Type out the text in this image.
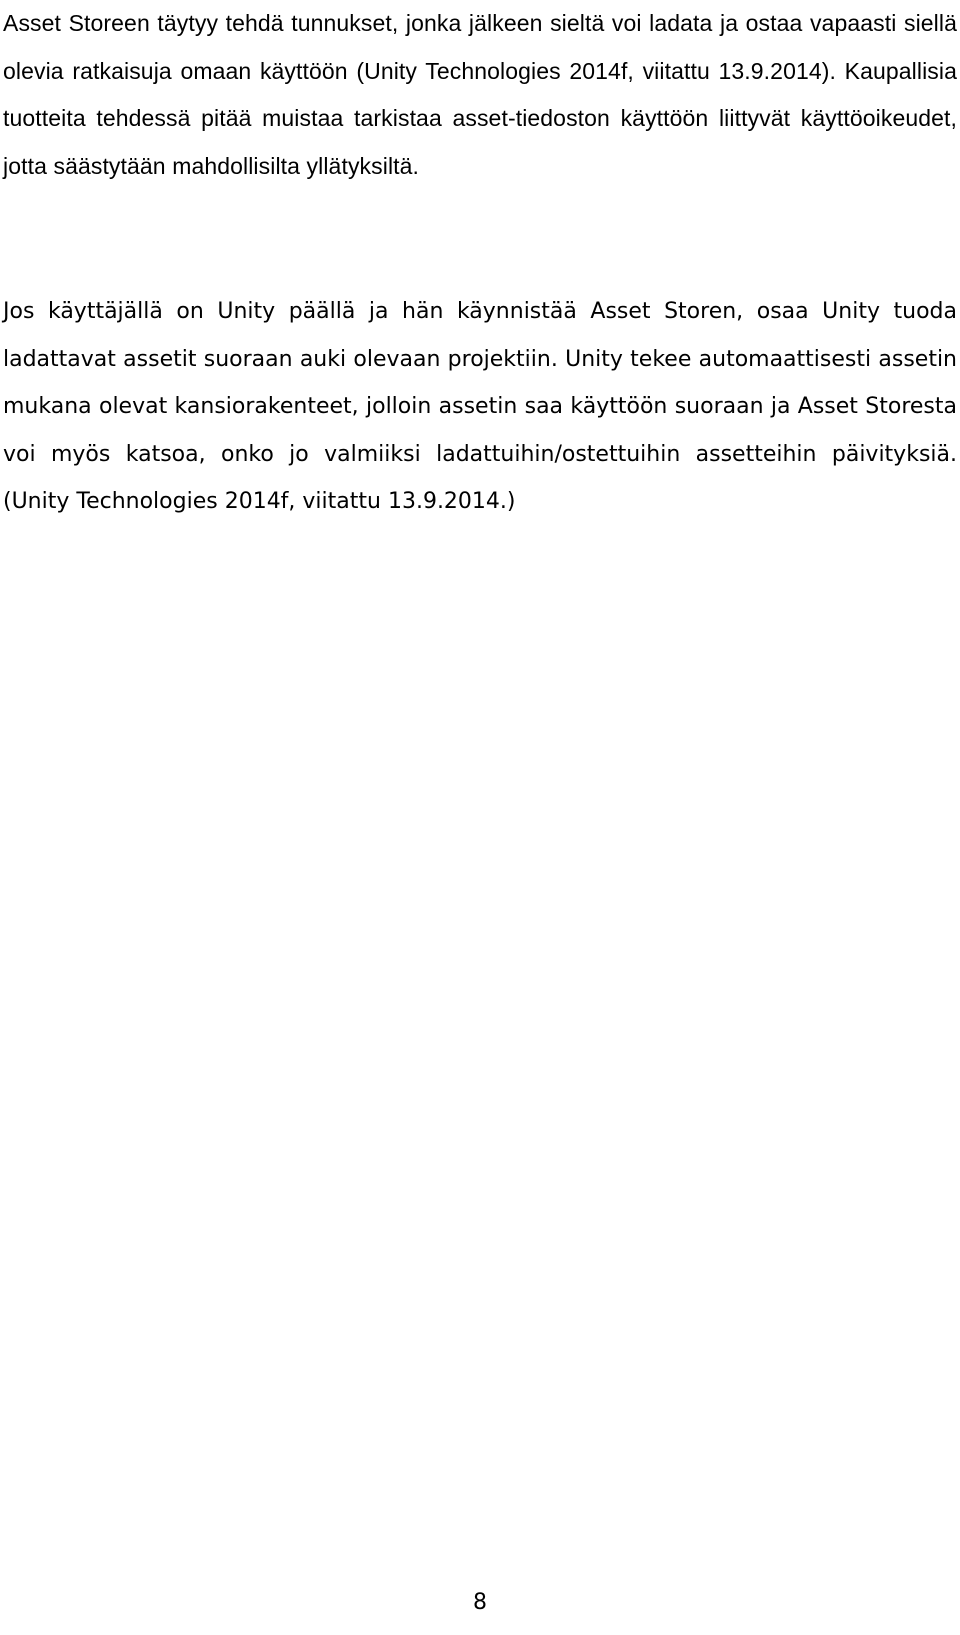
Asset Storeen täytyy tehdä tunnukset, jonka jälkeen sieltä voi ladata ja ostaa vapaasti siellä olevia ratkaisuja omaan käyttöön (Unity Technologies 2014f, viitattu 13.9.2014). Kaupallisia tuotteita tehdessä pitää muistaa tarkistaa asset-tiedoston käyttöön liittyvät käyttöoikeudet, jotta säästytään mahdollisilta yllätyksiltä.

Jos käyttäjällä on Unity päällä ja hän käynnistää Asset Storen, osaa Unity tuoda ladattavat assetit suoraan auki olevaan projektiin. Unity tekee automaattisesti assetin mukana olevat kansiorakenteet, jolloin assetin saa käyttöön suoraan ja Asset Storesta voi myös katsoa, onko jo valmiiksi ladattuihin/ostettuihin assetteihin päivityksiä. (Unity Technologies 2014f, viitattu 13.9.2014.)

8
